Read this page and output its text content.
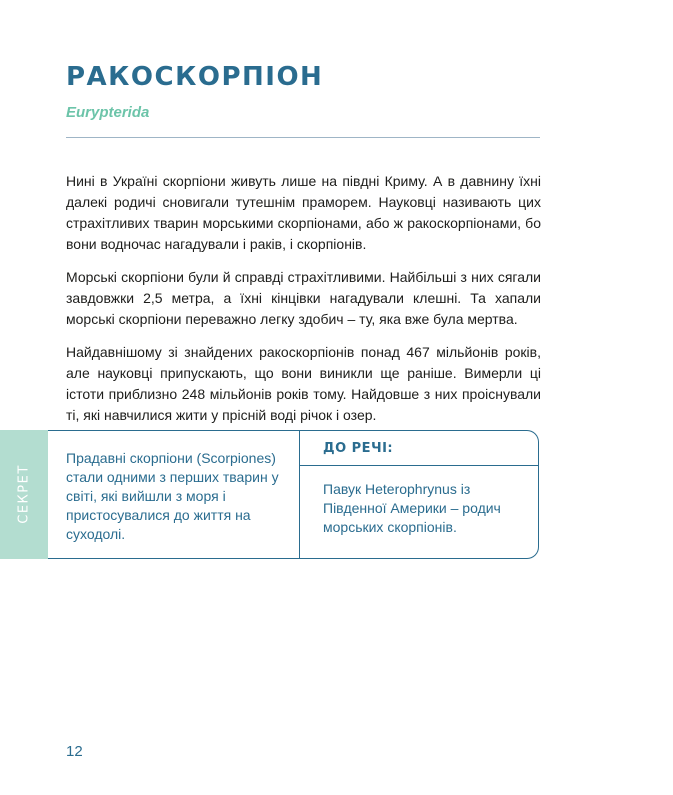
РАКОСКОРПІОН

Eurypterida

Нині в Україні скорпіони живуть лише на півдні Криму. А в давнину їхні далекі родичі сновигали тутешнім праморем. Науковці називають цих страхітливих тварин морськими скорпіонами, або ж ракоскорпіонами, бо вони водночас нагадували і раків, і скорпіонів.

Морські скорпіони були й справді страхітливими. Найбільші з них сягали завдовжки 2,5 метра, а їхні кінцівки нагадували клешні. Та хапали морські скорпіони переважно легку здобич – ту, яка вже була мертва.

Найдавнішому зі знайдених ракоскорпіонів понад 467 мільйонів років, але науковці припускають, що вони виникли ще раніше. Вимерли ці істоти приблизно 248 мільйонів років тому. Найдовше з них проіснували ті, які навчилися жити у прісній воді річок і озер.

СЕКРЕТ

Прадавні скорпіони (Scorpiones) стали одними з перших тварин у світі, які вийшли з моря і пристосувалися до життя на суходолі.

ДО РЕЧІ:

Павук Heterophrynus із Південної Америки – родич морських скорпіонів.

12
